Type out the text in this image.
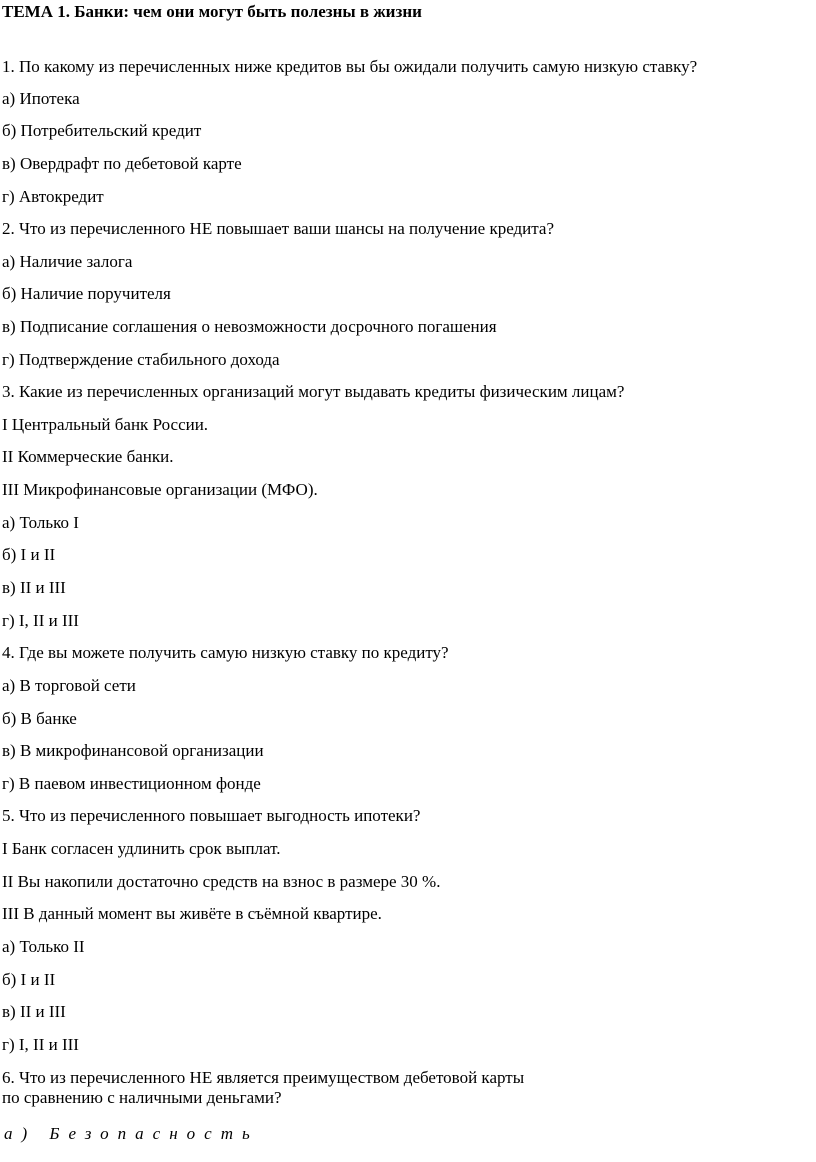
ТЕМА 1. Банки: чем они могут быть полезны в жизни
1. По какому из перечисленных ниже кредитов вы бы ожидали получить самую низкую ставку?
а) Ипотека
б) Потребительский кредит
в) Овердрафт по дебетовой карте
г) Автокредит
2. Что из перечисленного НЕ повышает ваши шансы на получение кредита?
а) Наличие залога
б) Наличие поручителя
в) Подписание соглашения о невозможности досрочного погашения
г) Подтверждение стабильного дохода
3. Какие из перечисленных организаций могут выдавать кредиты физическим лицам?
I Центральный банк России.
II Коммерческие банки.
III Микрофинансовые организации (МФО).
а) Только I
б) I и II
в) II и III
г) I, II и III
4. Где вы можете получить самую низкую ставку по кредиту?
а) В торговой сети
б) В банке
в) В микрофинансовой организации
г) В паевом инвестиционном фонде
5. Что из перечисленного повышает выгодность ипотеки?
I Банк согласен удлинить срок выплат.
II Вы накопили достаточно средств на взнос в размере 30 %.
III В данный момент вы живёте в съёмной квартире.
а) Только II
б) I и II
в) II и III
г) I, II и III
6. Что из перечисленного НЕ является преимуществом дебетовой карты
по сравнению с наличными деньгами?
а) Безопасность
